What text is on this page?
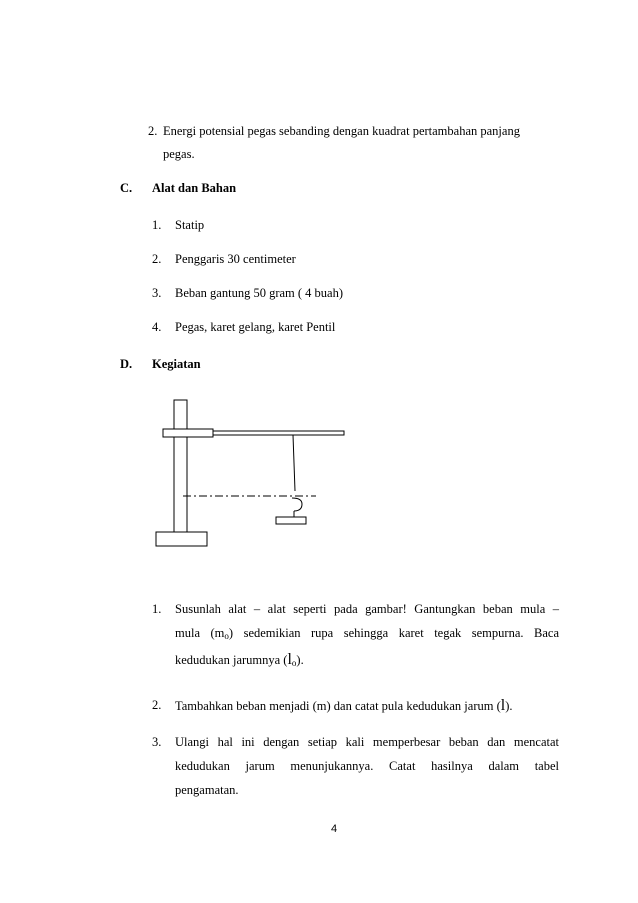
2. Energi potensial pegas sebanding dengan kuadrat pertambahan panjang
pegas.
C. Alat dan Bahan
1. Statip
2. Penggaris 30 centimeter
3. Beban gantung 50 gram ( 4 buah)
4. Pegas, karet gelang, karet Pentil
D. Kegiatan
1. Susunlah alat – alat seperti pada gambar! Gantungkan beban mula –
mula $(m_o)$ sedemikian rupa sehingga karet tegak sempurna. Baca
kedudukan jarumnya $(l_o)$.
2. Tambahkan beban menjadi (m) dan catat pula kedudukan jarum (l).
3. Ulangi hal ini dengan setiap kali memperbesar beban dan mencatat
kedudukan jarum menunjukannya. Catat hasilnya dalam tabel
pengamatan.
4
